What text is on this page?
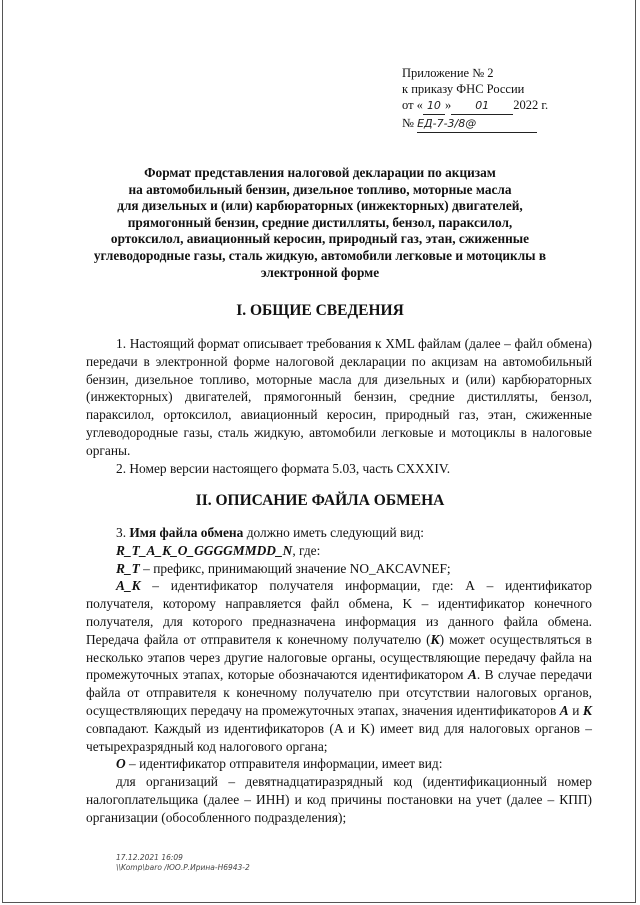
Приложение № 2
к приказу ФНС России
от « 10 » 01 2022 г.
№ ЕД-7-3/8@
Формат представления налоговой декларации по акцизам
на автомобильный бензин, дизельное топливо, моторные масла
для дизельных и (или) карбюраторных (инжекторных) двигателей,
прямогонный бензин, средние дистилляты, бензол, параксилол,
ортоксилол, авиационный керосин, природный газ, этан, сжиженные
углеводородные газы, сталь жидкую, автомобили легковые и мотоциклы в
электронной форме
I. ОБЩИЕ СВЕДЕНИЯ

1. Настоящий формат описывает требования к XML файлам (далее – файл обмена) передачи в электронной форме налоговой декларации по акцизам на автомобильный бензин, дизельное топливо, моторные масла для дизельных и (или) карбюраторных (инжекторных) двигателей, прямогонный бензин, средние дистилляты, бензол, параксилол, ортоксилол, авиационный керосин, природный газ, этан, сжиженные углеводородные газы, сталь жидкую, автомобили легковые и мотоциклы в налоговые органы.

2. Номер версии настоящего формата 5.03, часть CXXXIV.

II. ОПИСАНИЕ ФАЙЛА ОБМЕНА

3. Имя файла обмена должно иметь следующий вид:

R_T_A_K_O_GGGGMMDD_N, где:

R_T – префикс, принимающий значение NO_AKCAVNEF;

A_K – идентификатор получателя информации, где: А – идентификатор получателя, которому направляется файл обмена, K – идентификатор конечного получателя, для которого предназначена информация из данного файла обмена. Передача файла от отправителя к конечному получателю (К) может осуществляться в несколько этапов через другие налоговые органы, осуществляющие передачу файла на промежуточных этапах, которые обозначаются идентификатором А. В случае передачи файла от отправителя к конечному получателю при отсутствии налоговых органов, осуществляющих передачу на промежуточных этапах, значения идентификаторов А и К совпадают. Каждый из идентификаторов (A и K) имеет вид для налоговых органов – четырехразрядный код налогового органа;

О – идентификатор отправителя информации, имеет вид:

для организаций – девятнадцатиразрядный код (идентификационный номер налогоплательщика (далее – ИНН) и код причины постановки на учет (далее – КПП) организации (обособленного подразделения);

17.12.2021 16:09
\\Komp\baro /ЮО.Р.Ирина-Н6943-2
